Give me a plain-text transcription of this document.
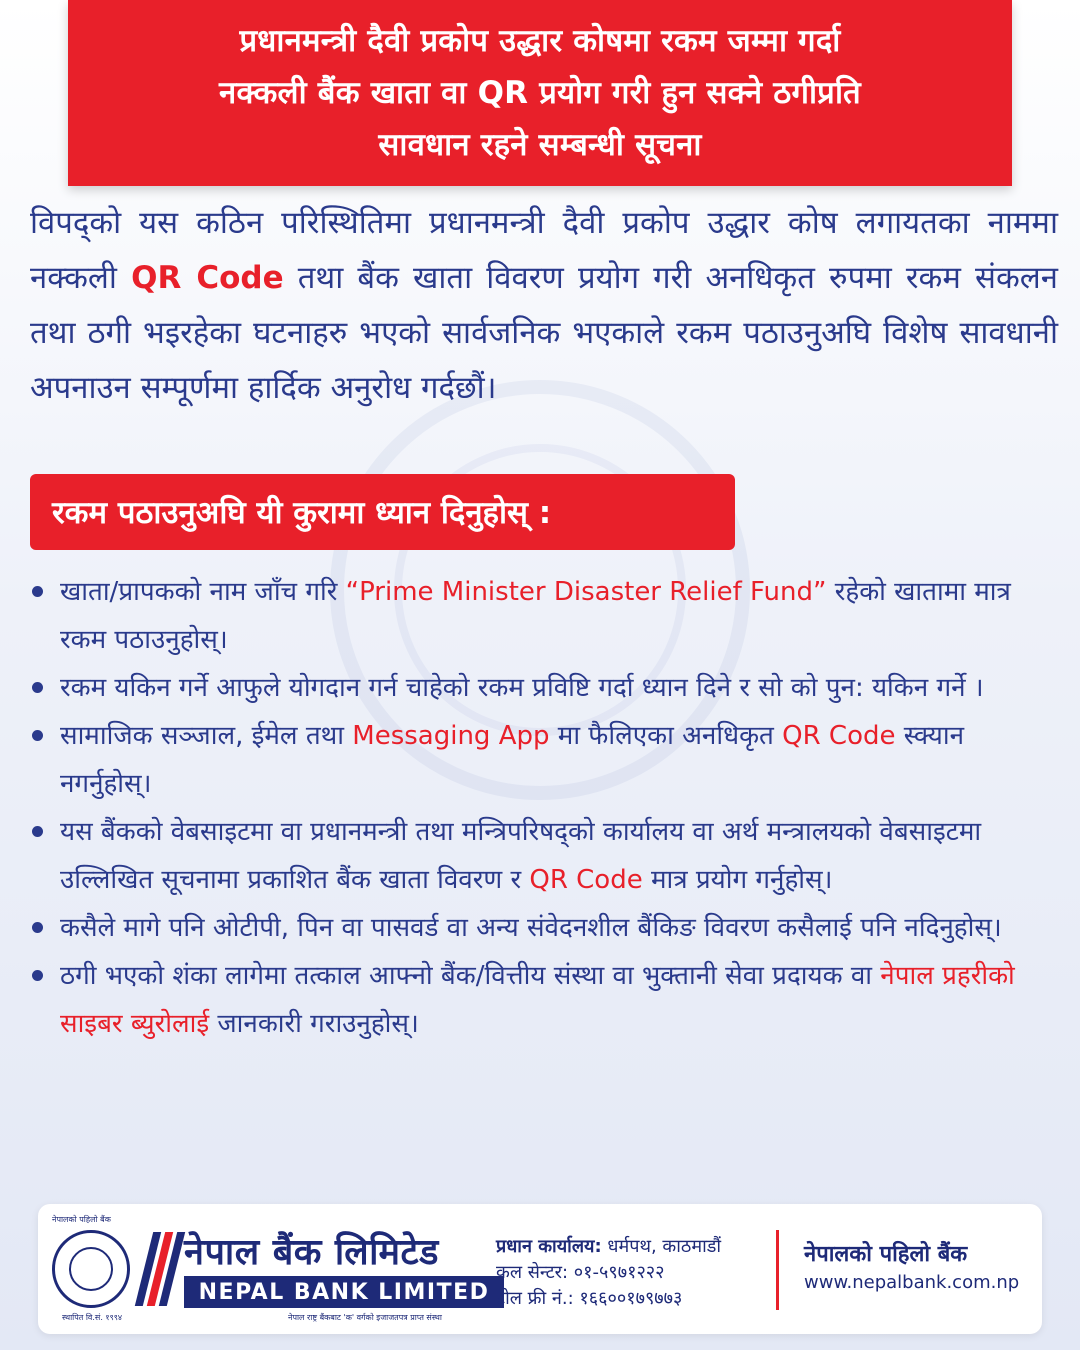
प्रधानमन्त्री दैवी प्रकोप उद्धार कोषमा रकम जम्मा गर्दा
नक्कली बैंक खाता वा QR प्रयोग गरी हुन सक्ने ठगीप्रति
सावधान रहने सम्बन्धी सूचना
विपद्को यस कठिन परिस्थितिमा प्रधानमन्त्री दैवी प्रकोप उद्धार कोष लगायतका नाममा नक्कली QR Code तथा बैंक खाता विवरण प्रयोग गरी अनधिकृत रुपमा रकम संकलन तथा ठगी भइरहेका घटनाहरु भएको सार्वजनिक भएकाले रकम पठाउनुअघि विशेष सावधानी अपनाउन सम्पूर्णमा हार्दिक अनुरोध गर्दछौं।
रकम पठाउनुअघि यी कुरामा ध्यान दिनुहोस् :
खाता/प्रापकको नाम जाँच गरि “Prime Minister Disaster Relief Fund” रहेको खातामा मात्र रकम पठाउनुहोस्।
रकम यकिन गर्ने आफुले योगदान गर्न चाहेको रकम प्रविष्टि गर्दा ध्यान दिने र सो को पुन: यकिन गर्ने ।
सामाजिक सञ्जाल, ईमेल तथा Messaging App मा फैलिएका अनधिकृत QR Code स्क्यान नगर्नुहोस्।
यस बैंकको वेबसाइटमा वा प्रधानमन्त्री तथा मन्त्रिपरिषद्को कार्यालय वा अर्थ मन्त्रालयको वेबसाइटमा उल्लिखित सूचनामा प्रकाशित बैंक खाता विवरण र QR Code मात्र प्रयोग गर्नुहोस्।
कसैले मागे पनि ओटीपी, पिन वा पासवर्ड वा अन्य संवेदनशील बैंकिङ विवरण कसैलाई पनि नदिनुहोस्।
ठगी भएको शंका लागेमा तत्काल आफ्नो बैंक/वित्तीय संस्था वा भुक्तानी सेवा प्रदायक वा नेपाल प्रहरीको साइबर ब्युरोलाई जानकारी गराउनुहोस्।
नेपालको पहिलो बैंक
स्थापित वि.सं. १९९४
नेपाल बैंक लिमिटेड
NEPAL BANK LIMITED
नेपाल राष्ट्र बैंकबाट 'क' वर्गको इजाजतपत्र प्राप्त संस्था
प्रधान कार्यालय: धर्मपथ, काठमाडौं
कल सेन्टर: ०१-५९७१२२२
टोल फ्री नं.: १६६००१७९७७३
नेपालको पहिलो बैंक
www.nepalbank.com.np
